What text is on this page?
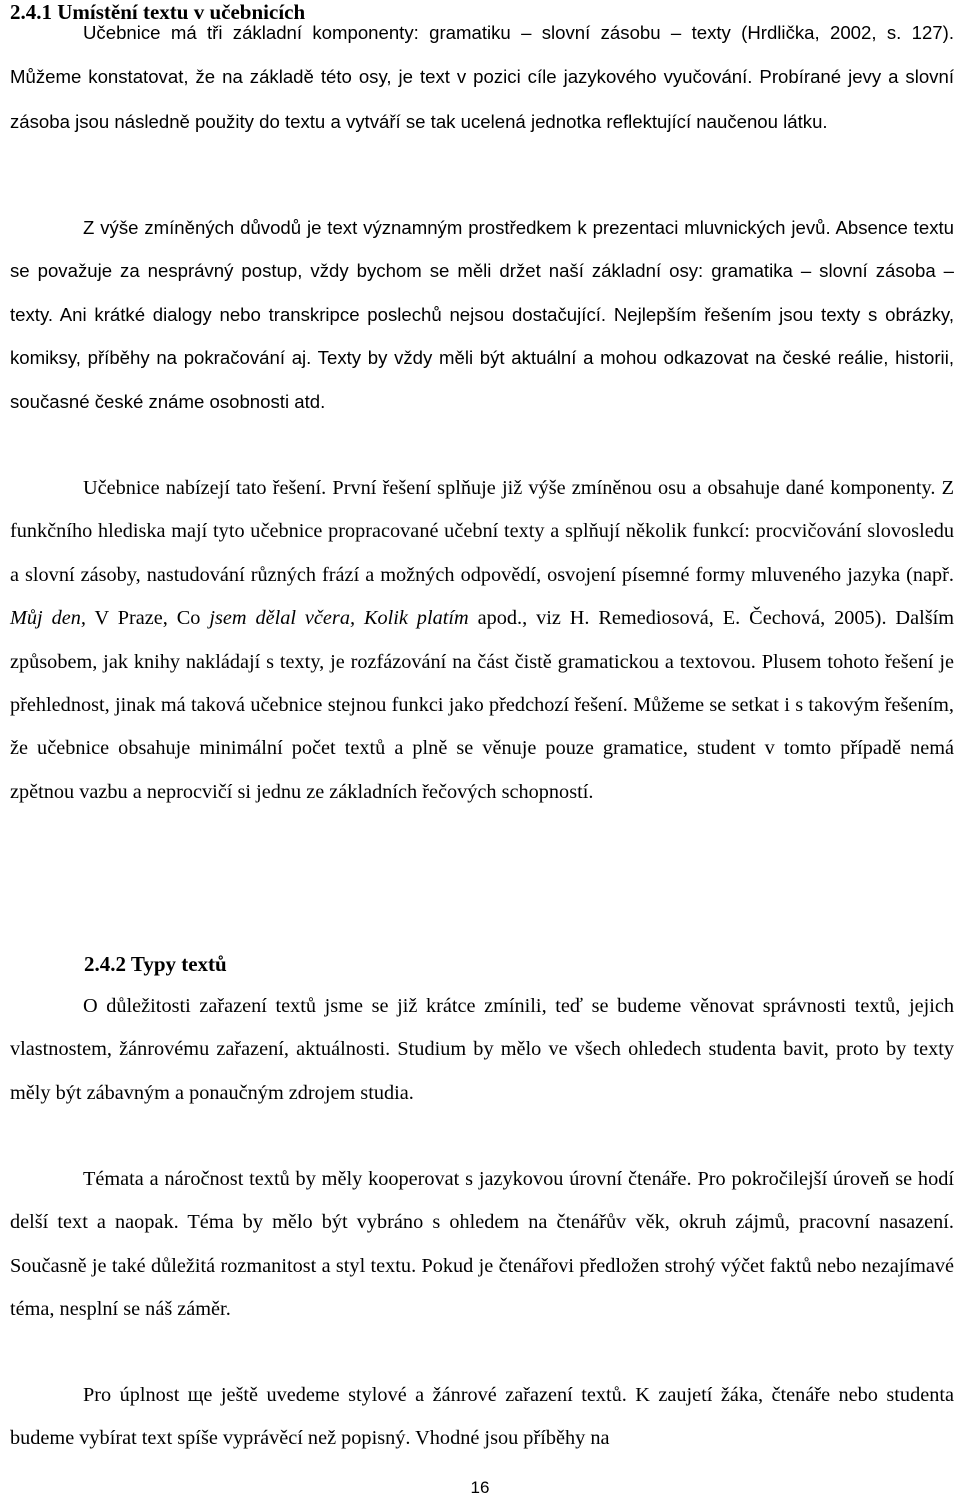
2.4.1 Umístění textu v učebnicích

Učebnice má tři základní komponenty: gramatiku – slovní zásobu – texty (Hrdlička, 2002, s. 127). Můžeme konstatovat, že na základě této osy, je text v pozici cíle jazykového vyučování. Probírané jevy a slovní zásoba jsou následně použity do textu a vytváří se tak ucelená jednotka reflektující naučenou látku.

Z výše zmíněných důvodů je text významným prostředkem k prezentaci mluvnických jevů. Absence textu se považuje za nesprávný postup, vždy bychom se měli držet naší základní osy: gramatika – slovní zásoba – texty. Ani krátké dialogy nebo transkripce poslechů nejsou dostačující. Nejlepším řešením jsou texty s obrázky, komiksy, příběhy na pokračování aj. Texty by vždy měli být aktuální a mohou odkazovat na české reálie, historii, současné české známe osobnosti atd.

Učebnice nabízejí tato řešení. První řešení splňuje již výše zmíněnou osu a obsahuje dané komponenty. Z funkčního hlediska mají tyto učebnice propracované učební texty a splňují několik funkcí: procvičování slovosledu a slovní zásoby, nastudování různých frází a možných odpovědí, osvojení písemné formy mluveného jazyka (např. Můj den, V Praze, Co jsem dělal včera, Kolik platím apod., viz H. Remediosová, E. Čechová, 2005). Dalším způsobem, jak knihy nakládají s texty, je rozfázování na část čistě gramatickou a textovou. Plusem tohoto řešení je přehlednost, jinak má taková učebnice stejnou funkci jako předchozí řešení. Můžeme se setkat i s takovým řešením, že učebnice obsahuje minimální počet textů a plně se věnuje pouze gramatice, student v tomto případě nemá zpětnou vazbu a neprocvičí si jednu ze základních řečových schopností.

2.4.2 Typy textů

O důležitosti zařazení textů jsme se již krátce zmínili, teď se budeme věnovat správnosti textů, jejich vlastnostem, žánrovému zařazení, aktuálnosti. Studium by mělo ve všech ohledech studenta bavit, proto by texty měly být zábavným a ponaučným zdrojem studia.

Témata a náročnost textů by měly kooperovat s jazykovou úrovní čtenáře. Pro pokročilejší úroveň se hodí delší text a naopak. Téma by mělo být vybráno s ohledem na čtenářův věk, okruh zájmů, pracovní nasazení. Současně je také důležitá rozmanitost a styl textu. Pokud je čtenářovi předložen strohý výčet faktů nebo nezajímavé téma, nesplní se náš záměr.

Pro úplnost ще ještě uvedeme stylové a žánrové zařazení textů. K zaujetí žáka, čtenáře nebo studenta budeme vybírat text spíše vyprávěcí než popisný. Vhodné jsou příběhy na

16
